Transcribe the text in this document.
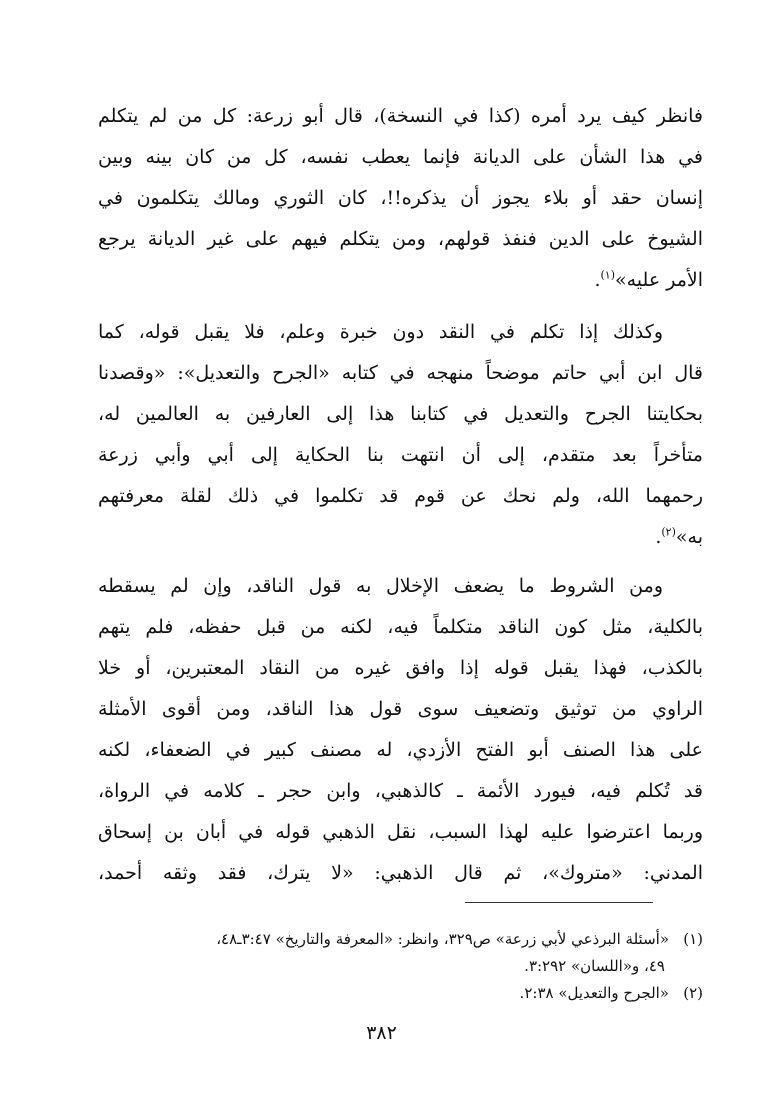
فانظر كيف يرد أمره (كذا في النسخة)، قال أبو زرعة: كل من لم يتكلم
في هذا الشأن على الديانة فإنما يعطب نفسه، كل من كان بينه وبين
إنسان حقد أو بلاء يجوز أن يذكره!!، كان الثوري ومالك يتكلمون في
الشيوخ على الدين فنفذ قولهم، ومن يتكلم فيهم على غير الديانة يرجع
الأمر عليه»$^{(١)}$.
وكذلك إذا تكلم في النقد دون خبرة وعلم، فلا يقبل قوله، كما
قال ابن أبي حاتم موضحاً منهجه في كتابه «الجرح والتعديل»: «وقصدنا
بحكايتنا الجرح والتعديل في كتابنا هذا إلى العارفين به العالمين له،
متأخراً بعد متقدم، إلى أن انتهت بنا الحكاية إلى أبي وأبي زرعة
رحمهما الله، ولم نحك عن قوم قد تكلموا في ذلك لقلة معرفتهم
به»$^{(٢)}$.
ومن الشروط ما يضعف الإخلال به قول الناقد، وإن لم يسقطه
بالكلية، مثل كون الناقد متكلماً فيه، لكنه من قبل حفظه، فلم يتهم
بالكذب، فهذا يقبل قوله إذا وافق غيره من النقاد المعتبرين، أو خلا
الراوي من توثيق وتضعيف سوى قول هذا الناقد، ومن أقوى الأمثلة
على هذا الصنف أبو الفتح الأزدي، له مصنف كبير في الضعفاء، لكنه
قد تُكلم فيه، فيورد الأئمة ـ كالذهبي، وابن حجر ـ كلامه في الرواة،
وربما اعترضوا عليه لهذا السبب، نقل الذهبي قوله في أبان بن إسحاق
المدني: «متروك»، ثم قال الذهبي: «لا يترك، فقد وثقه أحمد،
(١)«أسئلة البرذعي لأبي زرعة» ص٣٢٩، وانظر: «المعرفة والتاريخ» ٣:٤٧ـ٤٨،
٤٩، و«اللسان» ٣:٢٩٢.
(٢)«الجرح والتعديل» ٢:٣٨.
٣٨٢
